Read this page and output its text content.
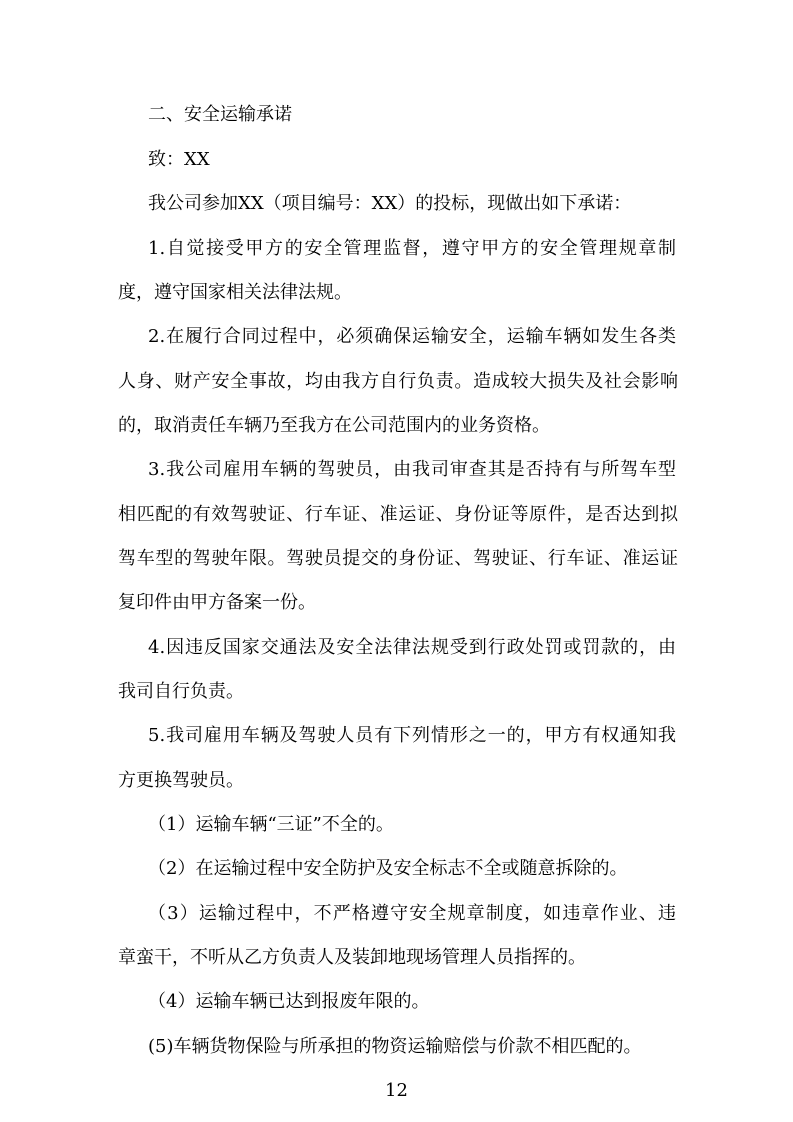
二、安全运输承诺
致：XX
我公司参加XX（项目编号：XX）的投标，现做出如下承诺：
1.自觉接受甲方的安全管理监督，遵守甲方的安全管理规章制
度，遵守国家相关法律法规。
2.在履行合同过程中，必须确保运输安全，运输车辆如发生各类
人身、财产安全事故，均由我方自行负责。造成较大损失及社会影响
的，取消责任车辆乃至我方在公司范围内的业务资格。
3.我公司雇用车辆的驾驶员，由我司审查其是否持有与所驾车型
相匹配的有效驾驶证、行车证、准运证、身份证等原件，是否达到拟
驾车型的驾驶年限。驾驶员提交的身份证、驾驶证、行车证、准运证
复印件由甲方备案一份。
4.因违反国家交通法及安全法律法规受到行政处罚或罚款的，由
我司自行负责。
5.我司雇用车辆及驾驶人员有下列情形之一的，甲方有权通知我
方更换驾驶员。
（1）运输车辆“三证”不全的。
（2）在运输过程中安全防护及安全标志不全或随意拆除的。
（3）运输过程中，不严格遵守安全规章制度，如违章作业、违
章蛮干，不听从乙方负责人及装卸地现场管理人员指挥的。
（4）运输车辆已达到报废年限的。
(5)车辆货物保险与所承担的物资运输赔偿与价款不相匹配的。
12
